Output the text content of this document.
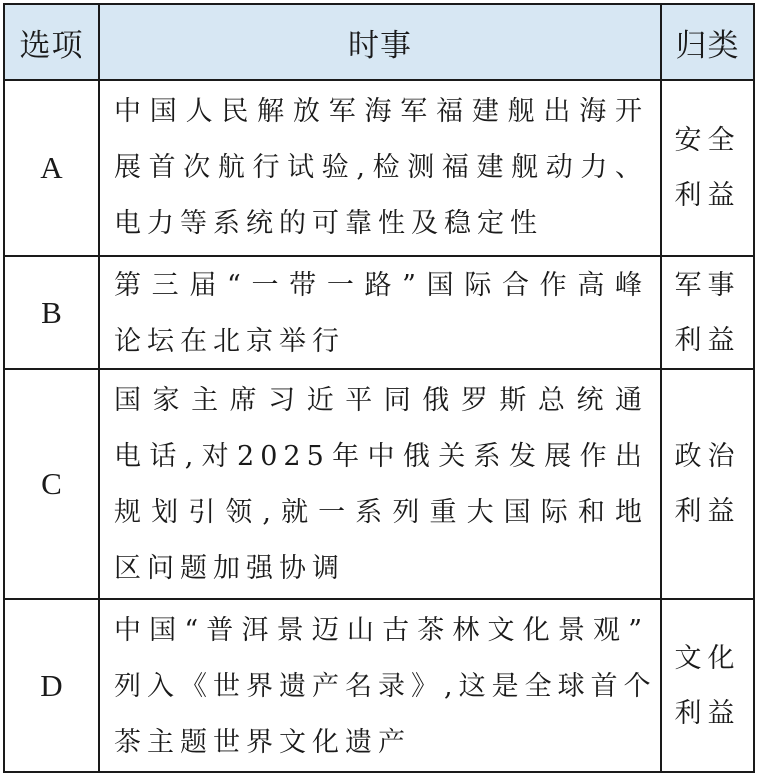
选项	时事	归类
A
中国人民解放军海军福建舰出海开
展首次航行试验,检测福建舰动力、
电力等系统的可靠性及稳定性
安全
利益
B
第三届“一带一路”国际合作高峰
论坛在北京举行
军事
利益
C
国家主席习近平同俄罗斯总统通
电话,对2025年中俄关系发展作出
规划引领,就一系列重大国际和地
区问题加强协调
政治
利益
D
中国“普洱景迈山古茶林文化景观”
列入《世界遗产名录》,这是全球首个
茶主题世界文化遗产
文化
利益
